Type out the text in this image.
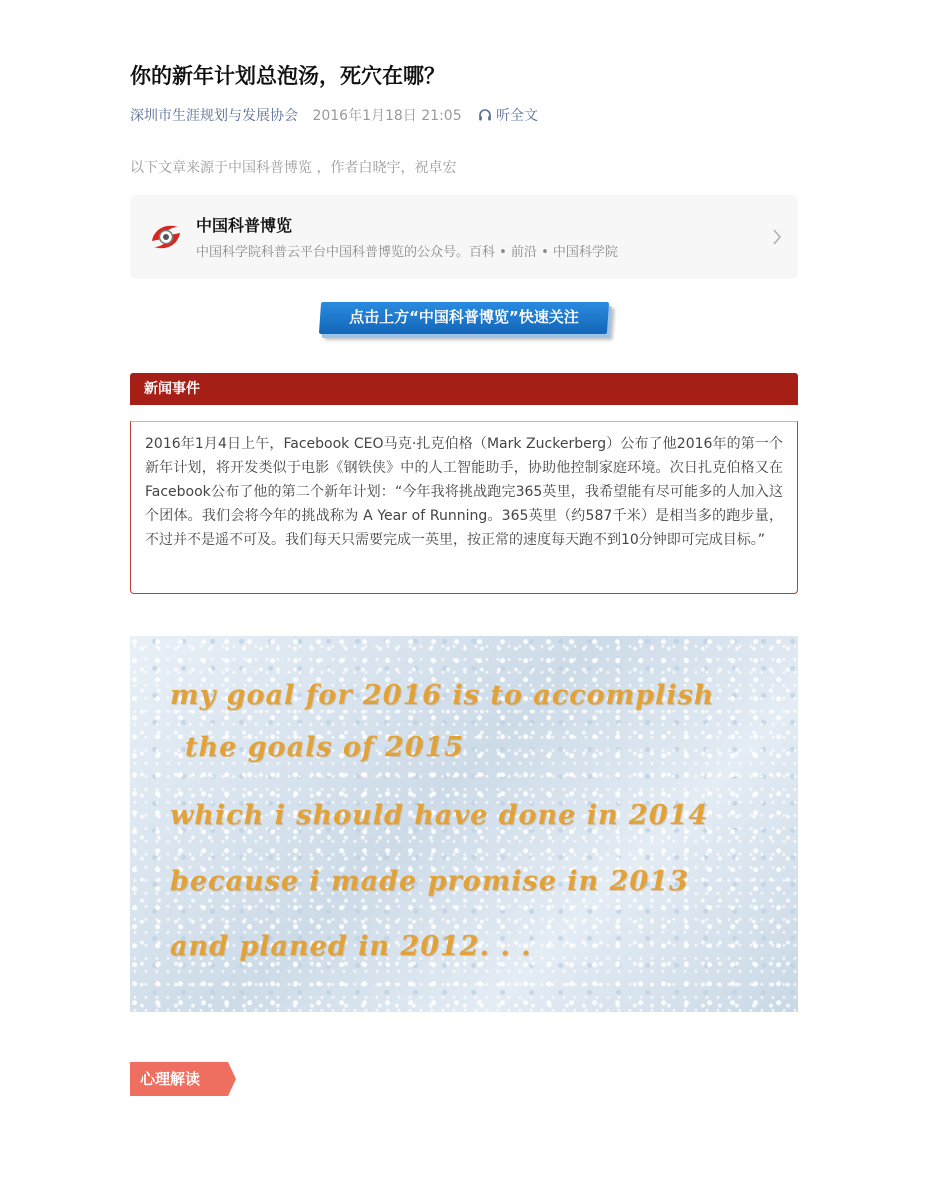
你的新年计划总泡汤，死穴在哪？
深圳市生涯规划与发展协会 2016年1月18日 21:05 听全文
以下文章来源于中国科普博览 ，作者白晓宇，祝卓宏
中国科普博览
中国科学院科普云平台中国科普博览的公众号。百科 • 前沿 • 中国科学院
点击上方“中国科普博览”快速关注
新闻事件
2016年1月4日上午，Facebook CEO马克·扎克伯格（Mark Zuckerberg）公布了他2016年的第一个新年计划，将开发类似于电影《钢铁侠》中的人工智能助手，协助他控制家庭环境。次日扎克伯格又在Facebook公布了他的第二个新年计划：“今年我将挑战跑完365英里，我希望能有尽可能多的人加入这个团体。我们会将今年的挑战称为 A Year of Running。365英里（约587千米）是相当多的跑步量，不过并不是遥不可及。我们每天只需要完成一英里，按正常的速度每天跑不到10分钟即可完成目标。”
my goal for 2016 is to accomplish
the goals of 2015
which i should have done in 2014
because i made promise in 2013
and planed in 2012. . .
心理解读
